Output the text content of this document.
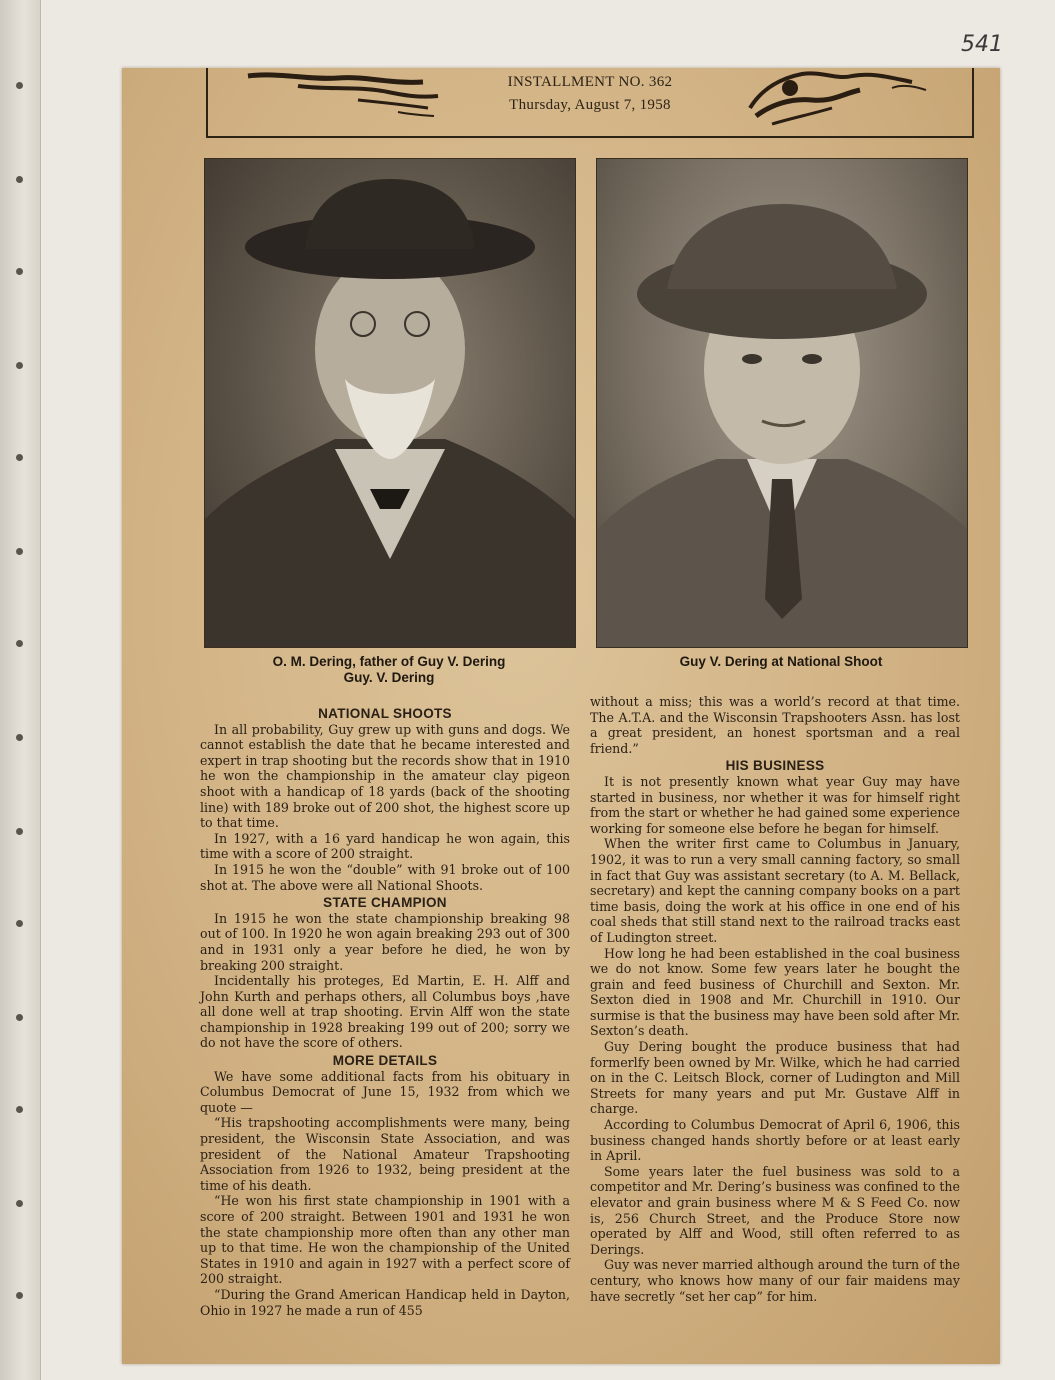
541
INSTALLMENT NO. 362
Thursday, August 7, 1958
O. M. Dering, father of Guy V. Dering
Guy. V. Dering
Guy V. Dering at National Shoot
NATIONAL SHOOTS

In all probability, Guy grew up with guns and dogs. We cannot establish the date that he became interested and expert in trap shooting but the records show that in 1910 he won the championship in the amateur clay pigeon shoot with a handicap of 18 yards (back of the shooting line) with 189 broke out of 200 shot, the highest score up to that time.

In 1927, with a 16 yard handicap he won again, this time with a score of 200 straight.

In 1915 he won the “double” with 91 broke out of 100 shot at. The above were all National Shoots.

STATE CHAMPION

In 1915 he won the state championship breaking 98 out of 100. In 1920 he won again breaking 293 out of 300 and in 1931 only a year before he died, he won by breaking 200 straight.

Incidentally his proteges, Ed Martin, E. H. Alff and John Kurth and perhaps others, all Columbus boys ,have all done well at trap shooting. Ervin Alff won the state championship in 1928 breaking 199 out of 200; sorry we do not have the score of others.

MORE DETAILS

We have some additional facts from his obituary in Columbus Democrat of June 15, 1932 from which we quote —

“His trapshooting accomplishments were many, being president, the Wisconsin State Association, and was president of the National Amateur Trapshooting Association from 1926 to 1932, being president at the time of his death.

“He won his first state championship in 1901 with a score of 200 straight. Between 1901 and 1931 he won the state championship more often than any other man up to that time. He won the championship of the United States in 1910 and again in 1927 with a perfect score of 200 straight.

“During the Grand American Handicap held in Dayton, Ohio in 1927 he made a run of 455

without a miss; this was a world’s record at that time. The A.T.A. and the Wisconsin Trapshooters Assn. has lost a great president, an honest sportsman and a real friend.”

HIS BUSINESS

It is not presently known what year Guy may have started in business, nor whether it was for himself right from the start or whether he had gained some experience working for someone else before he began for himself.

When the writer first came to Columbus in January, 1902, it was to run a very small canning factory, so small in fact that Guy was assistant secretary (to A. M. Bellack, secretary) and kept the canning company books on a part time basis, doing the work at his office in one end of his coal sheds that still stand next to the railroad tracks east of Ludington street.

How long he had been established in the coal business we do not know. Some few years later he bought the grain and feed business of Churchill and Sexton. Mr. Sexton died in 1908 and Mr. Churchill in 1910. Our surmise is that the business may have been sold after Mr. Sexton’s death.

Guy Dering bought the produce business that had formerlfy been owned by Mr. Wilke, which he had carried on in the C. Leitsch Block, corner of Ludington and Mill Streets for many years and put Mr. Gustave Alff in charge.

According to Columbus Democrat of April 6, 1906, this business changed hands shortly before or at least early in April.

Some years later the fuel business was sold to a competitor and Mr. Dering’s business was confined to the elevator and grain business where M & S Feed Co. now is, 256 Church Street, and the Produce Store now operated by Alff and Wood, still often referred to as Derings.

Guy was never married although around the turn of the century, who knows how many of our fair maidens may have secretly “set her cap” for him.
